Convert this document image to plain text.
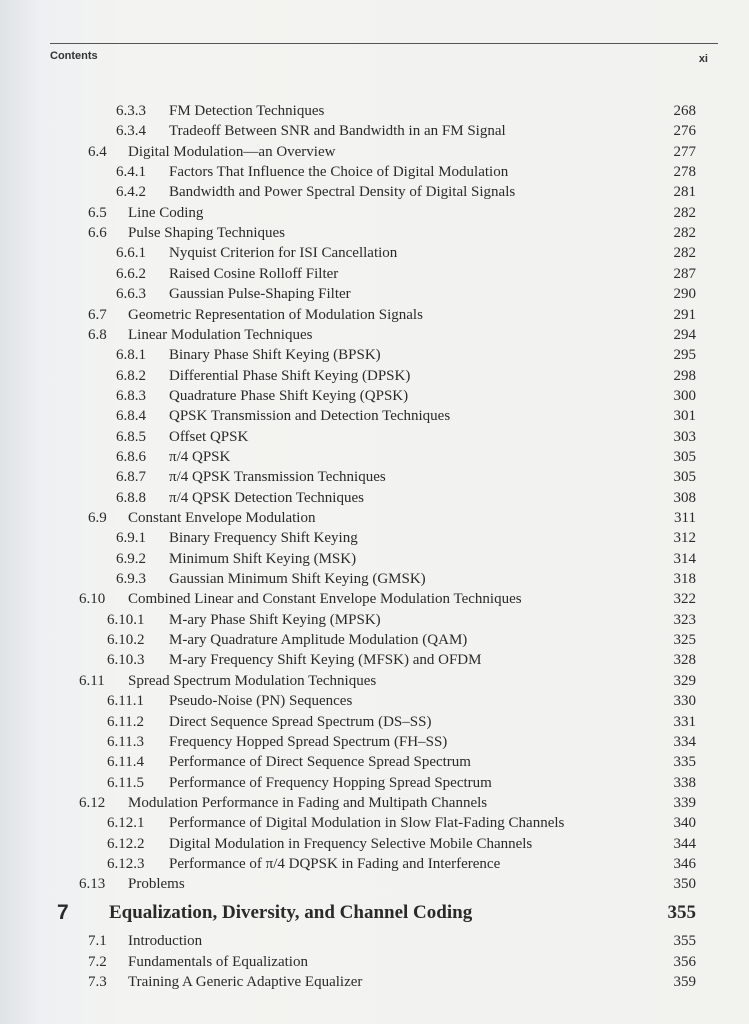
Contents	xi
6.3.3 FM Detection Techniques	268
6.3.4 Tradeoff Between SNR and Bandwidth in an FM Signal	276
6.4 Digital Modulation—an Overview	277
6.4.1 Factors That Influence the Choice of Digital Modulation	278
6.4.2 Bandwidth and Power Spectral Density of Digital Signals	281
6.5 Line Coding	282
6.6 Pulse Shaping Techniques	282
6.6.1 Nyquist Criterion for ISI Cancellation	282
6.6.2 Raised Cosine Rolloff Filter	287
6.6.3 Gaussian Pulse-Shaping Filter	290
6.7 Geometric Representation of Modulation Signals	291
6.8 Linear Modulation Techniques	294
6.8.1 Binary Phase Shift Keying (BPSK)	295
6.8.2 Differential Phase Shift Keying (DPSK)	298
6.8.3 Quadrature Phase Shift Keying (QPSK)	300
6.8.4 QPSK Transmission and Detection Techniques	301
6.8.5 Offset QPSK	303
6.8.6 π/4 QPSK	305
6.8.7 π/4 QPSK Transmission Techniques	305
6.8.8 π/4 QPSK Detection Techniques	308
6.9 Constant Envelope Modulation	311
6.9.1 Binary Frequency Shift Keying	312
6.9.2 Minimum Shift Keying (MSK)	314
6.9.3 Gaussian Minimum Shift Keying (GMSK)	318
6.10 Combined Linear and Constant Envelope Modulation Techniques	322
6.10.1 M-ary Phase Shift Keying (MPSK)	323
6.10.2 M-ary Quadrature Amplitude Modulation (QAM)	325
6.10.3 M-ary Frequency Shift Keying (MFSK) and OFDM	328
6.11 Spread Spectrum Modulation Techniques	329
6.11.1 Pseudo-Noise (PN) Sequences	330
6.11.2 Direct Sequence Spread Spectrum (DS–SS)	331
6.11.3 Frequency Hopped Spread Spectrum (FH–SS)	334
6.11.4 Performance of Direct Sequence Spread Spectrum	335
6.11.5 Performance of Frequency Hopping Spread Spectrum	338
6.12 Modulation Performance in Fading and Multipath Channels	339
6.12.1 Performance of Digital Modulation in Slow Flat-Fading Channels	340
6.12.2 Digital Modulation in Frequency Selective Mobile Channels	344
6.12.3 Performance of π/4 DQPSK in Fading and Interference	346
6.13 Problems	350
7 Equalization, Diversity, and Channel Coding	355
7.1 Introduction	355
7.2 Fundamentals of Equalization	356
7.3 Training A Generic Adaptive Equalizer	359
